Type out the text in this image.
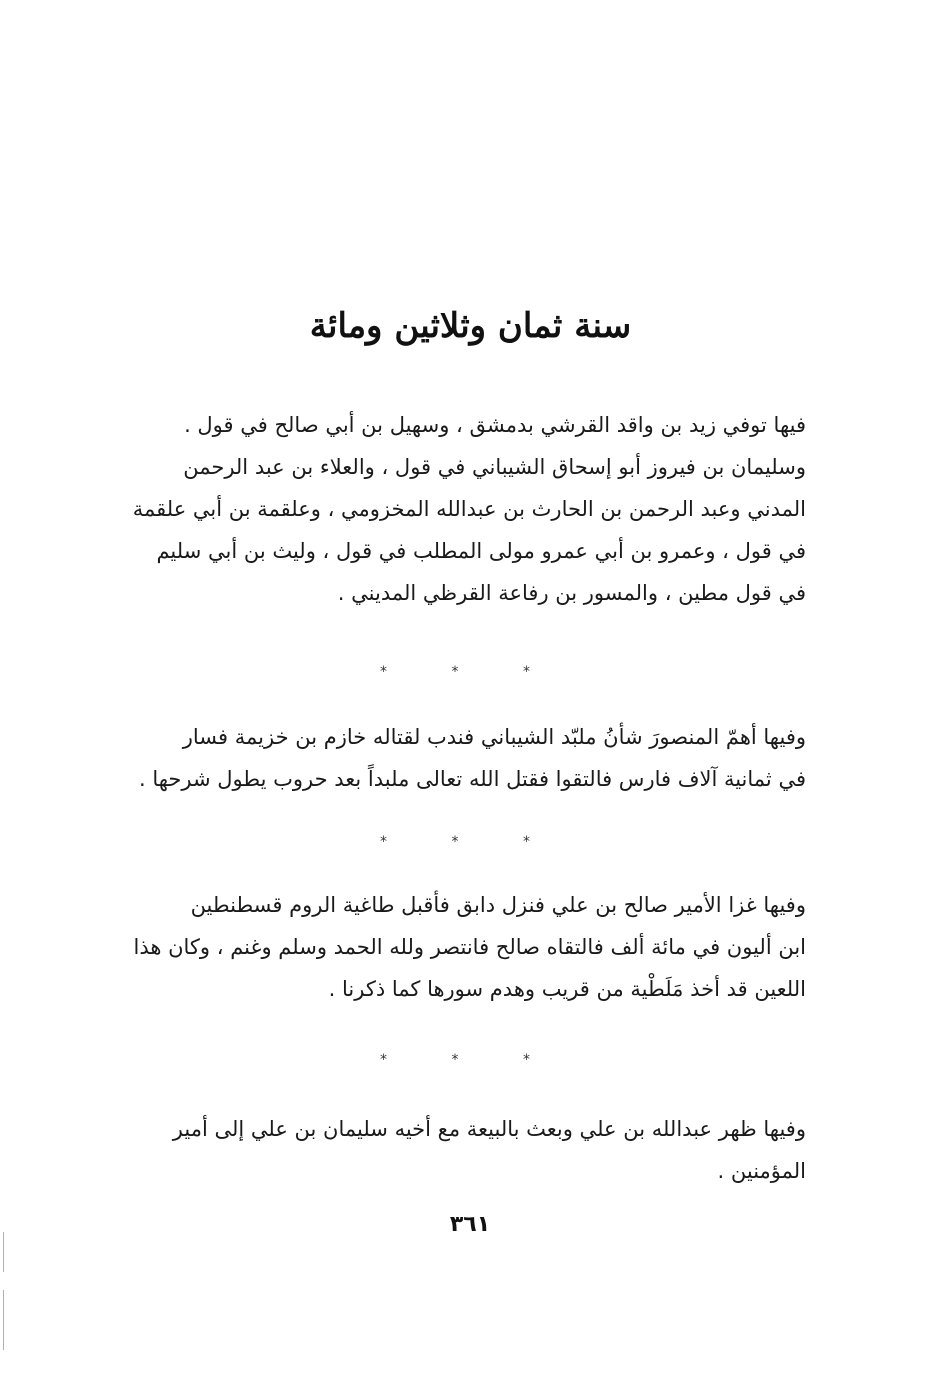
سنة ثمان وثلاثين ومائة
فيها توفي زيد بن واقد القرشي بدمشق ، وسهيل بن أبي صالح في قول .
وسليمان بن فيروز أبو إسحاق الشيباني في قول ، والعلاء بن عبد الرحمن
المدني وعبد الرحمن بن الحارث بن عبدالله المخزومي ، وعلقمة بن أبي علقمة
في قول ، وعمرو بن أبي عمرو مولى المطلب في قول ، وليث بن أبي سليم
في قول مطين ، والمسور بن رفاعة القرظي المديني .
* * *
وفيها أهمّ المنصورَ شأنُ ملبّد الشيباني فندب لقتاله خازم بن خزيمة فسار
في ثمانية آلاف فارس فالتقوا فقتل الله تعالى ملبداً بعد حروب يطول شرحها .
* * *
وفيها غزا الأمير صالح بن علي فنزل دابق فأقبل طاغية الروم قسطنطين
ابن أليون في مائة ألف فالتقاه صالح فانتصر ولله الحمد وسلم وغنم ، وكان هذا
اللعين قد أخذ مَلَطْية من قريب وهدم سورها كما ذكرنا .
* * *
وفيها ظهر عبدالله بن علي وبعث بالبيعة مع أخيه سليمان بن علي إلى أمير
المؤمنين .
٣٦١
